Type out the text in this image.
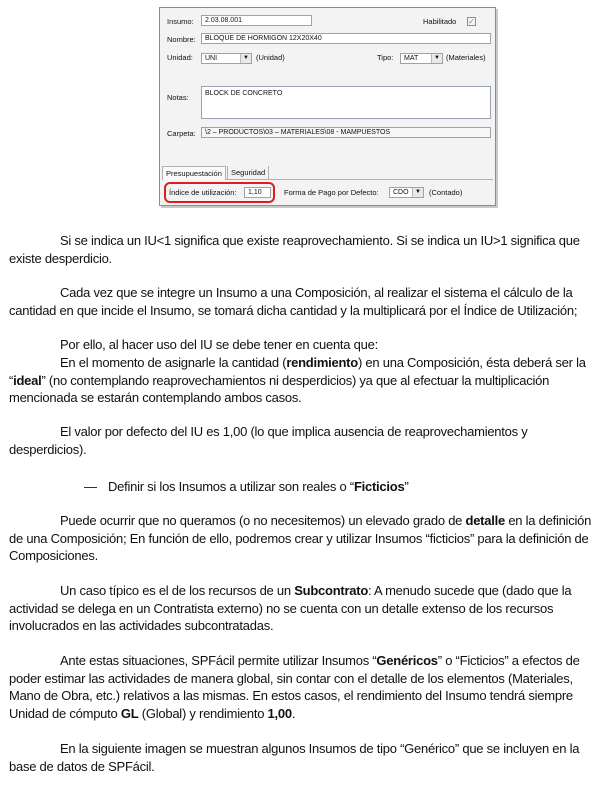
Insumo:	2.03.08.001	Habilitado ✓
Nombre:	BLOQUE DE HORMIGÓN 12X20X40
Unidad:	UNI	▼ (Unidad)	Tipo:	MAT	▼ (Materiales)
Notas:	BLOCK DE CONCRETO
Carpeta:	\2 – PRODUCTOS\03 – MATERIALES\08 - MAMPUESTOS
Presupuestación	Seguridad
Índice de utilización:	1,10	Forma de Pago por Defecto:	CDO	▼ (Contado)

Si se indica un IU<1 significa que existe reaprovechamiento. Si se indica un IU>1 significa que existe desperdicio.

Cada vez que se integre un Insumo a una Composición, al realizar el sistema el cálculo de la cantidad en que incide el Insumo, se tomará dicha cantidad y la multiplicará por el Índice de Utilización;

Por ello, al hacer uso del IU se debe tener en cuenta que:

En el momento de asignarle la cantidad (rendimiento) en una Composición, ésta deberá ser la “ideal” (no contemplando reaprovechamientos ni desperdicios) ya que al efectuar la multiplicación mencionada se estarán contemplando ambos casos.

El valor por defecto del IU es 1,00 (lo que implica ausencia de reaprovechamientos y desperdicios).

— Definir si los Insumos a utilizar son reales o “Ficticios”

Puede ocurrir que no queramos (o no necesitemos) un elevado grado de detalle en la definición de una Composición; En función de ello, podremos crear y utilizar Insumos “ficticios” para la definición de Composiciones.

Un caso típico es el de los recursos de un Subcontrato: A menudo sucede que (dado que la actividad se delega en un Contratista externo) no se cuenta con un detalle extenso de los recursos involucrados en las actividades subcontratadas.

Ante estas situaciones, SPFácil permite utilizar Insumos “Genéricos” o “Ficticios” a efectos de poder estimar las actividades de manera global, sin contar con el detalle de los elementos (Materiales, Mano de Obra, etc.) relativos a las mismas. En estos casos, el rendimiento del Insumo tendrá siempre Unidad de cómputo GL (Global) y rendimiento 1,00.

En la siguiente imagen se muestran algunos Insumos de tipo “Genérico” que se incluyen en la base de datos de SPFácil.
